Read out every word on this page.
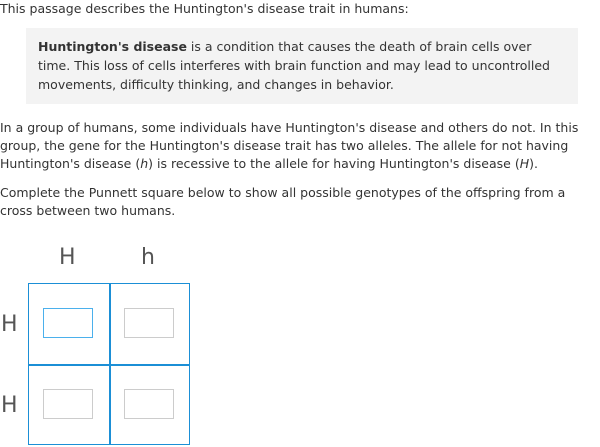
This passage describes the Huntington's disease trait in humans:

Huntington's disease is a condition that causes the death of brain cells over time. This loss of cells interferes with brain function and may lead to uncontrolled movements, difficulty thinking, and changes in behavior.

In a group of humans, some individuals have Huntington's disease and others do not. In this group, the gene for the Huntington's disease trait has two alleles. The allele for not having Huntington's disease (h) is recessive to the allele for having Huntington's disease (H).

Complete the Punnett square below to show all possible genotypes of the offspring from a cross between two humans.

H	h
H
H
